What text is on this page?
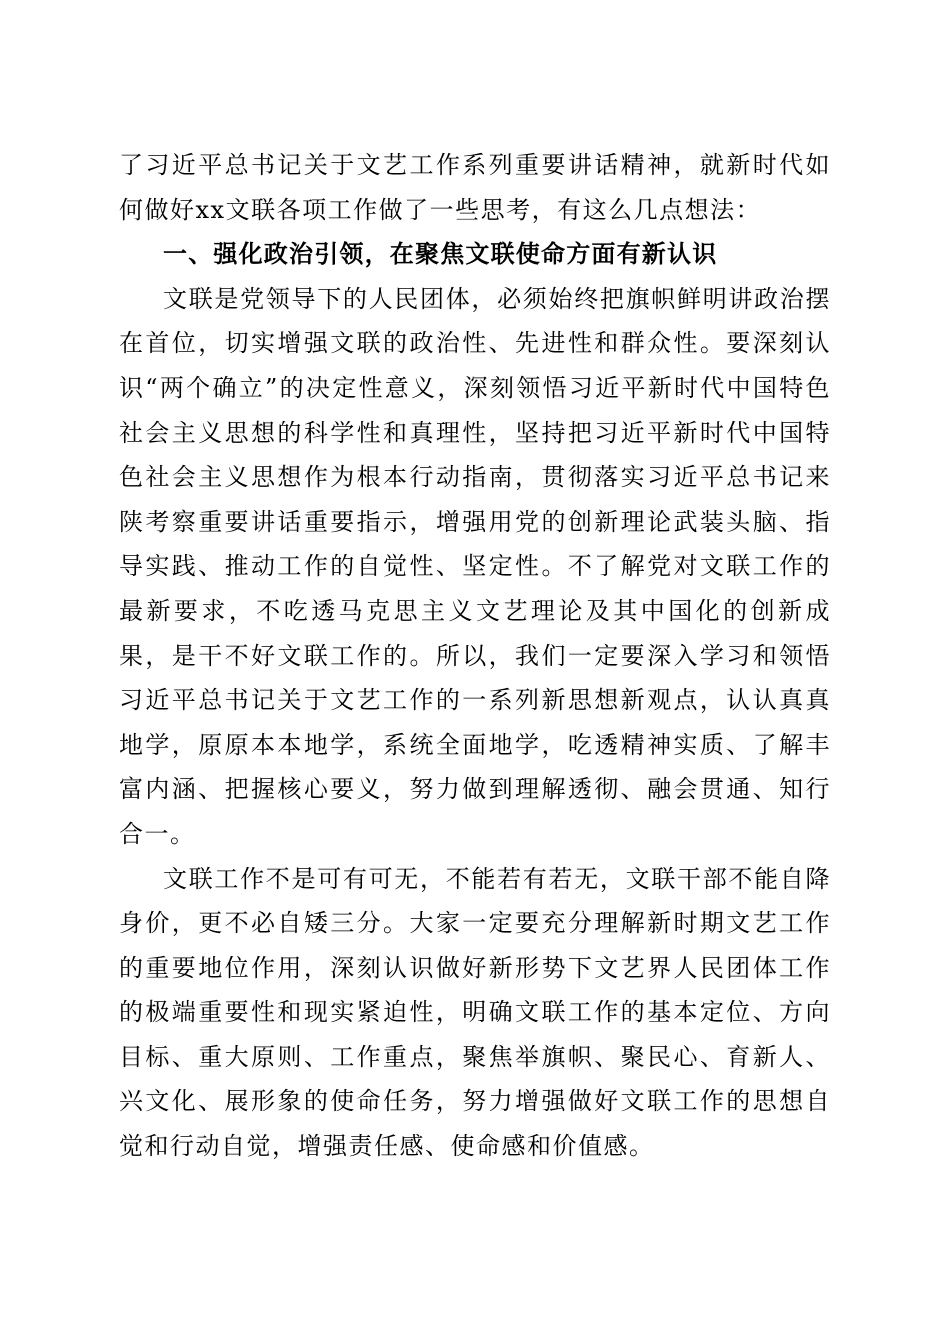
了习近平总书记关于文艺工作系列重要讲话精神，就新时代如何做好xx文联各项工作做了一些思考，有这么几点想法：

一、强化政治引领，在聚焦文联使命方面有新认识

文联是党领导下的人民团体，必须始终把旗帜鲜明讲政治摆在首位，切实增强文联的政治性、先进性和群众性。要深刻认识“两个确立”的决定性意义，深刻领悟习近平新时代中国特色社会主义思想的科学性和真理性，坚持把习近平新时代中国特色社会主义思想作为根本行动指南，贯彻落实习近平总书记来陕考察重要讲话重要指示，增强用党的创新理论武装头脑、指导实践、推动工作的自觉性、坚定性。不了解党对文联工作的最新要求，不吃透马克思主义文艺理论及其中国化的创新成果，是干不好文联工作的。所以，我们一定要深入学习和领悟习近平总书记关于文艺工作的一系列新思想新观点，认认真真地学，原原本本地学，系统全面地学，吃透精神实质、了解丰富内涵、把握核心要义，努力做到理解透彻、融会贯通、知行合一。

文联工作不是可有可无，不能若有若无，文联干部不能自降身价，更不必自矮三分。大家一定要充分理解新时期文艺工作的重要地位作用，深刻认识做好新形势下文艺界人民团体工作的极端重要性和现实紧迫性，明确文联工作的基本定位、方向目标、重大原则、工作重点，聚焦举旗帜、聚民心、育新人、兴文化、展形象的使命任务，努力增强做好文联工作的思想自觉和行动自觉，增强责任感、使命感和价值感。
